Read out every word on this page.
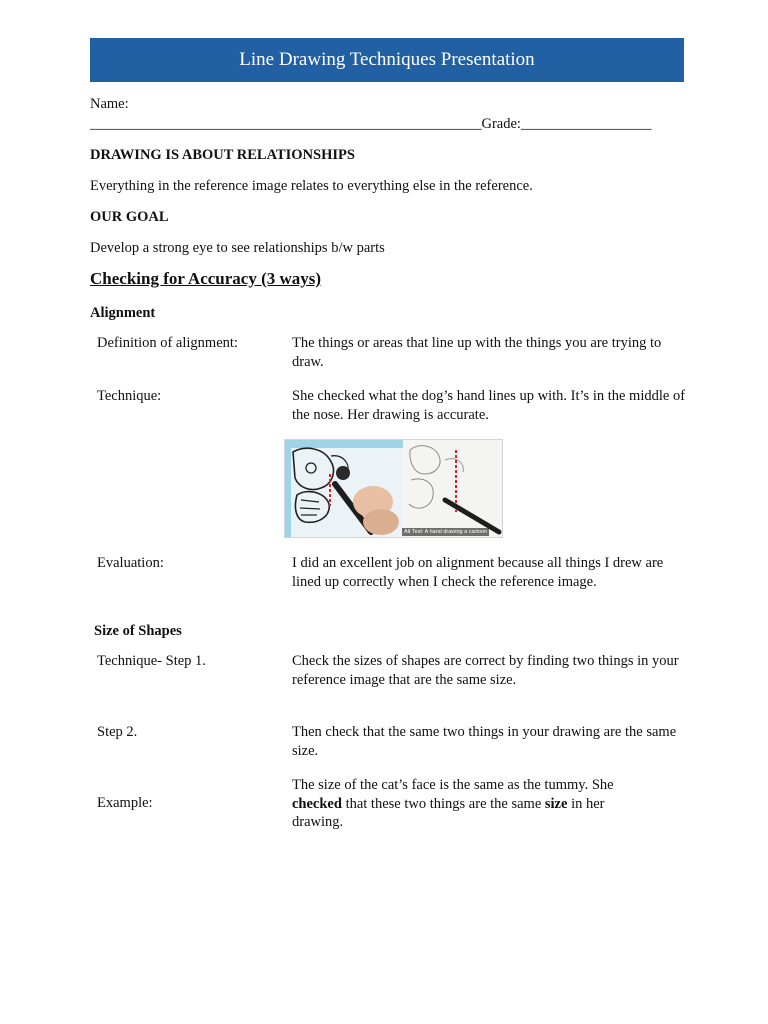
Line Drawing Techniques Presentation
Name:
______________________________________________________Grade:__________________
DRAWING IS ABOUT RELATIONSHIPS
Everything in the reference image relates to everything else in the reference.
OUR GOAL
Develop a strong eye to see relationships b/w parts
Checking for Accuracy (3 ways)
Alignment
Definition of alignment:	The things or areas that line up with the things you are trying to draw.
Technique:	She checked what the dog’s hand lines up with. It’s in the middle of the nose. Her drawing is accurate.
Alt Text: A hand drawing a cartoon
Evaluation:	I did an excellent job on alignment because all things I drew are lined up correctly when I check the reference image.
Size of Shapes
Technique- Step 1.	Check the sizes of shapes are correct by finding two things in your reference image that are the same size.
Step 2.	Then check that the same two things in your drawing are the same size.
Example:
The size of the cat’s face is the same as the tummy. She checked that these two things are the same size in her drawing.
